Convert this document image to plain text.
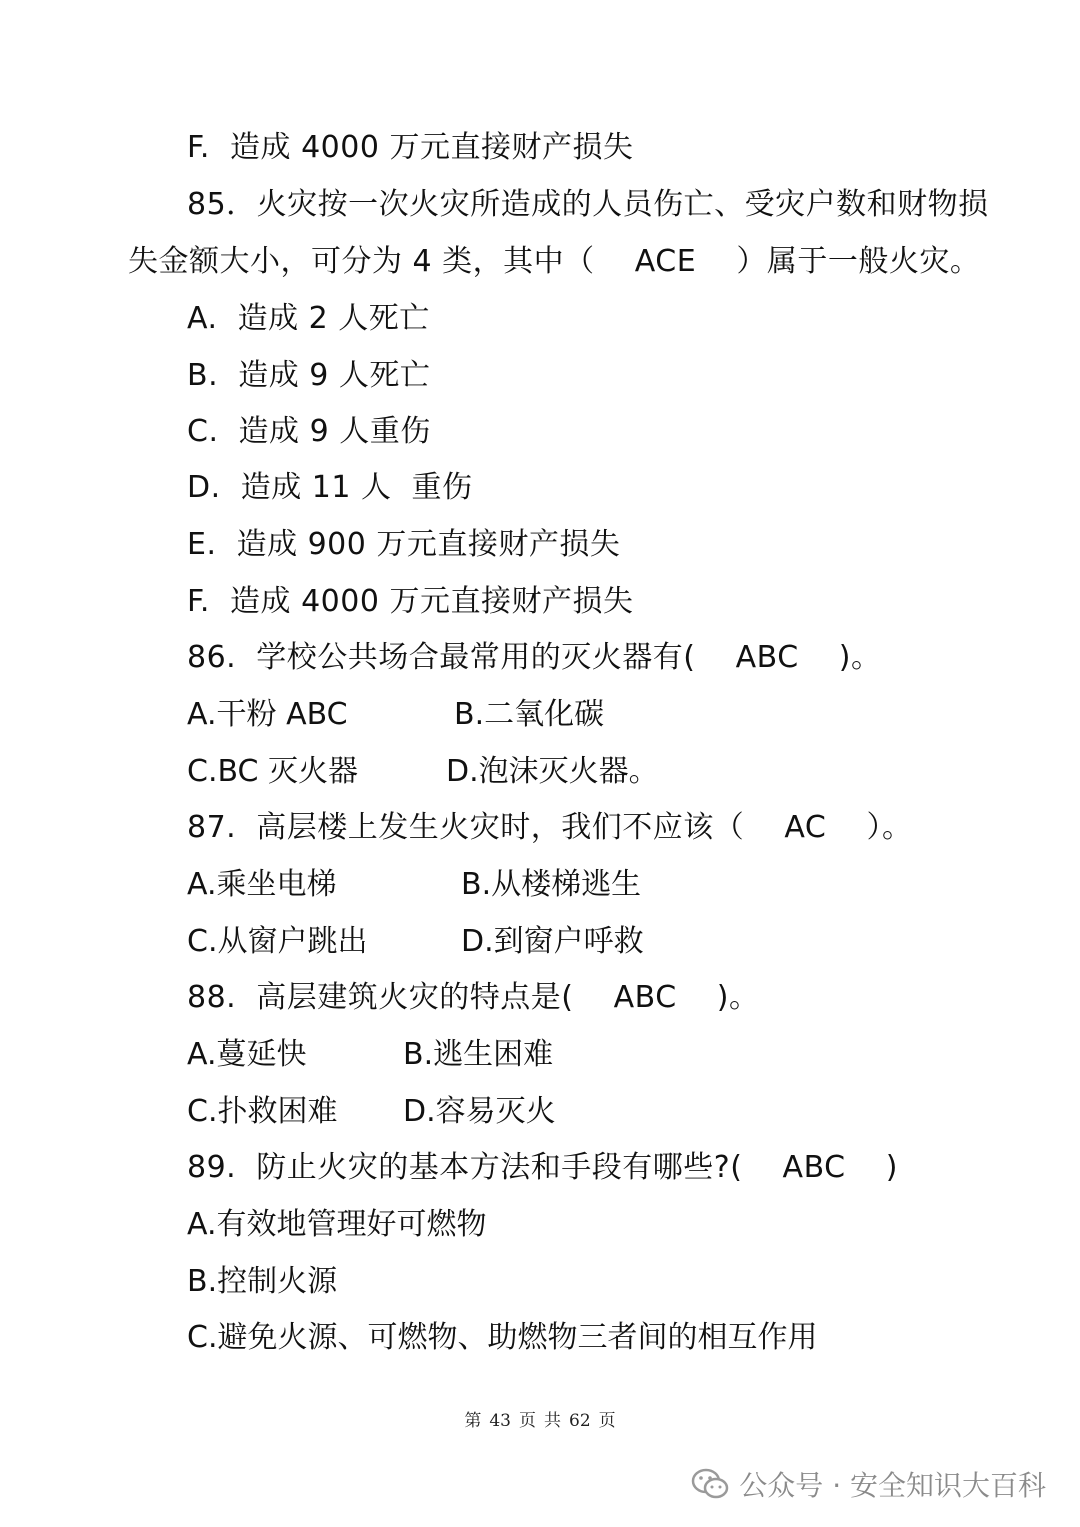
F.  造成 4000 万元直接财产损失
85．火灾按一次火灾所造成的人员伤亡、受灾户数和财物损
失金额大小，可分为 4 类，其中（    ACE    ）属于一般火灾。
A.  造成 2 人死亡
B.  造成 9 人死亡
C.  造成 9 人重伤
D.  造成 11 人  重伤
E.  造成 900 万元直接财产损失
F.  造成 4000 万元直接财产损失
86.  学校公共场合最常用的灭火器有(    ABC    )。
A.干粉 ABC	B.二氧化碳
C.BC 灭火器	D.泡沫灭火器。
87.  高层楼上发生火灾时，我们不应该（    AC    ）。
A.乘坐电梯	B.从楼梯逃生
C.从窗户跳出	D.到窗户呼救
88.  高层建筑火灾的特点是(    ABC    )。
A.蔓延快	B.逃生困难
C.扑救困难 D.容易灭火
89.  防止火灾的基本方法和手段有哪些?(    ABC    )
A.有效地管理好可燃物
B.控制火源
C.避免火源、可燃物、助燃物三者间的相互作用
第 43 页 共 62 页
公众号 · 安全知识大百科
